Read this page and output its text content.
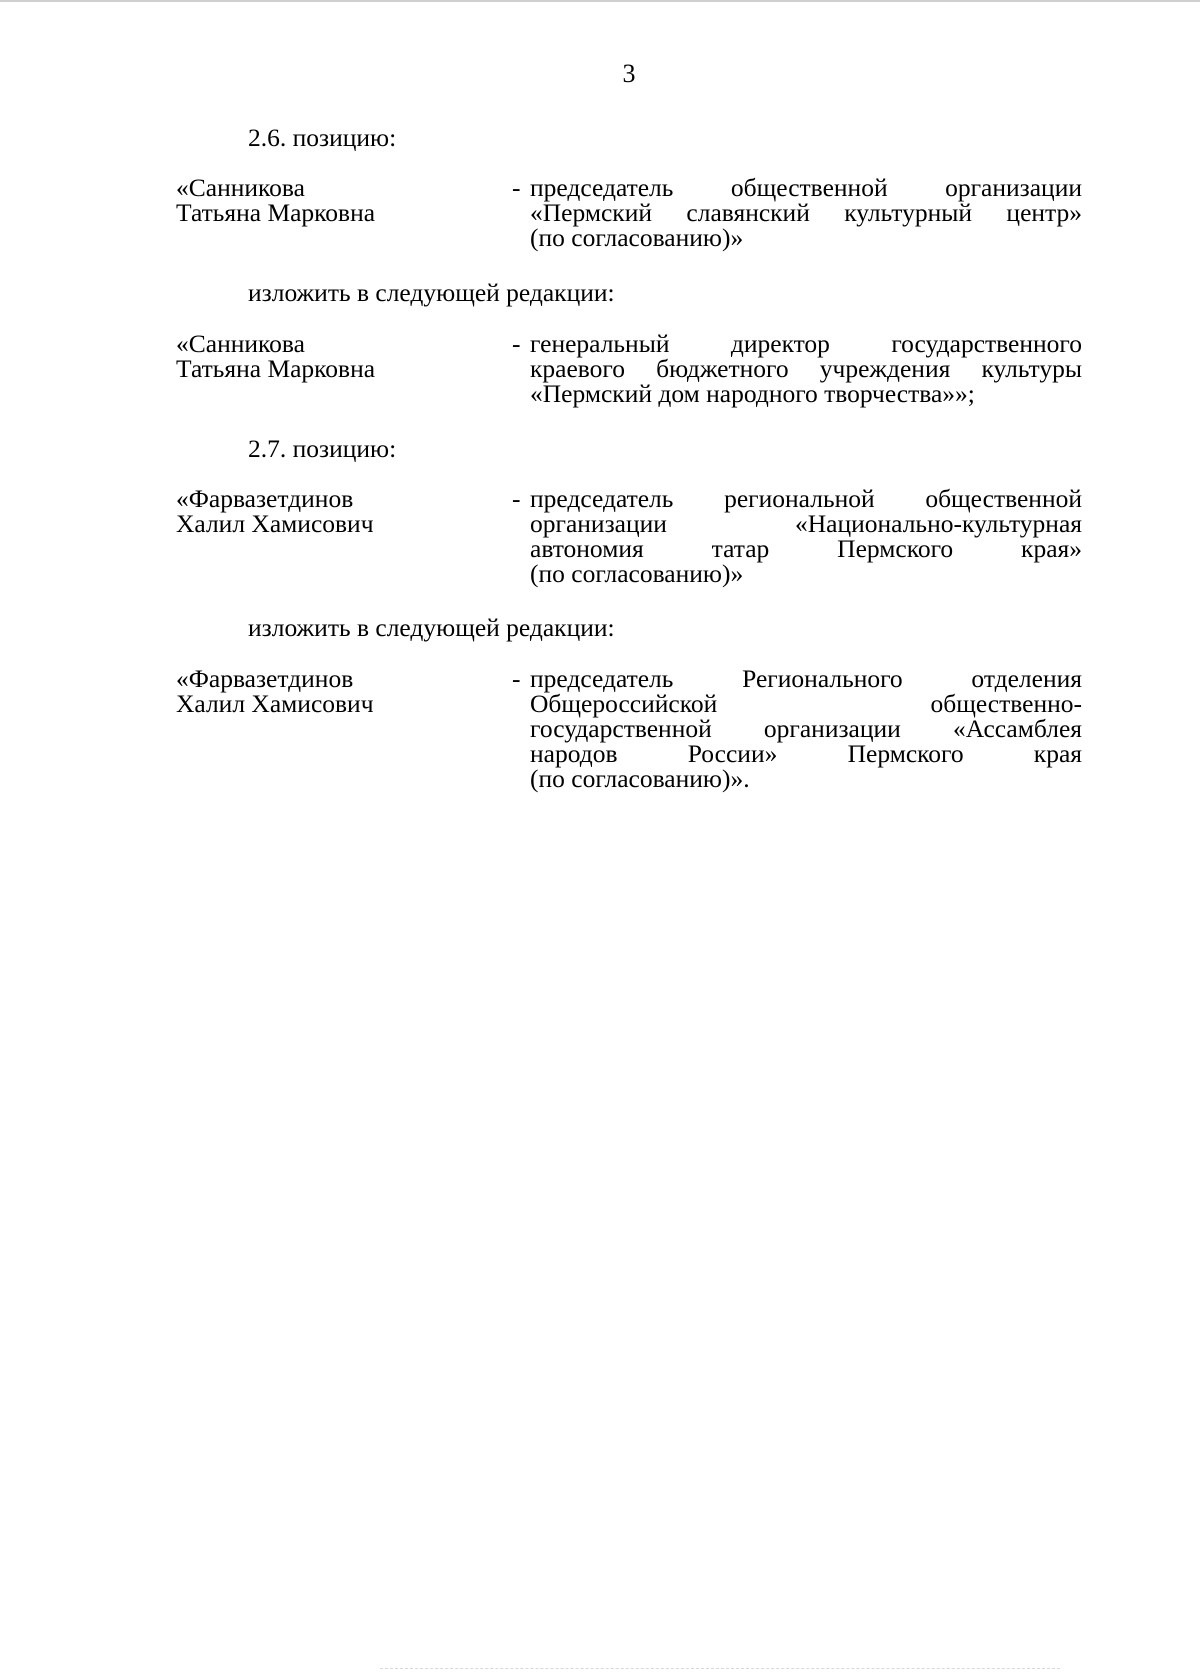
3
2.6. позицию:
«Санникова
Татьяна Марковна
- председатель общественной организации
«Пермский славянский культурный центр»
(по согласованию)»
изложить в следующей редакции:
«Санникова
Татьяна Марковна
- генеральный директор государственного
краевого бюджетного учреждения культуры
«Пермский дом народного творчества»»;
2.7. позицию:
«Фарвазетдинов
Халил Хамисович
- председатель региональной общественной
организации «Национально-культурная
автономия татар Пермского края»
(по согласованию)»
изложить в следующей редакции:
«Фарвазетдинов
Халил Хамисович
- председатель Регионального отделения
Общероссийской общественно-
государственной организации «Ассамблея
народов России» Пермского края
(по согласованию)».
